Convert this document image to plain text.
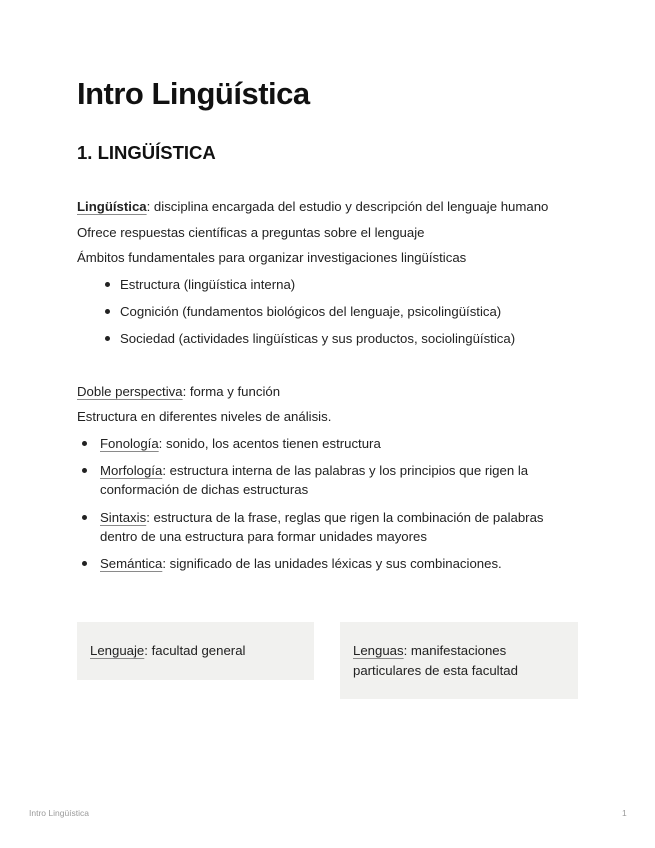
Intro Lingüística
1. LINGÜÍSTICA
Lingüística: disciplina encargada del estudio y descripción del lenguaje humano
Ofrece respuestas científicas a preguntas sobre el lenguaje
Ámbitos fundamentales para organizar investigaciones lingüísticas
Estructura (lingüística interna)
Cognición (fundamentos biológicos del lenguaje, psicolingüística)
Sociedad (actividades lingüísticas y sus productos, sociolingüística)
Doble perspectiva: forma y función
Estructura en diferentes niveles de análisis.
Fonología: sonido, los acentos tienen estructura
Morfología: estructura interna de las palabras y los principios que rigen la conformación de dichas estructuras
Sintaxis: estructura de la frase, reglas que rigen la combinación de palabras dentro de una estructura para formar unidades mayores
Semántica: significado de las unidades léxicas y sus combinaciones.
Lenguaje: facultad general	Lenguas: manifestaciones particulares de esta facultad
Intro Lingüística	1
